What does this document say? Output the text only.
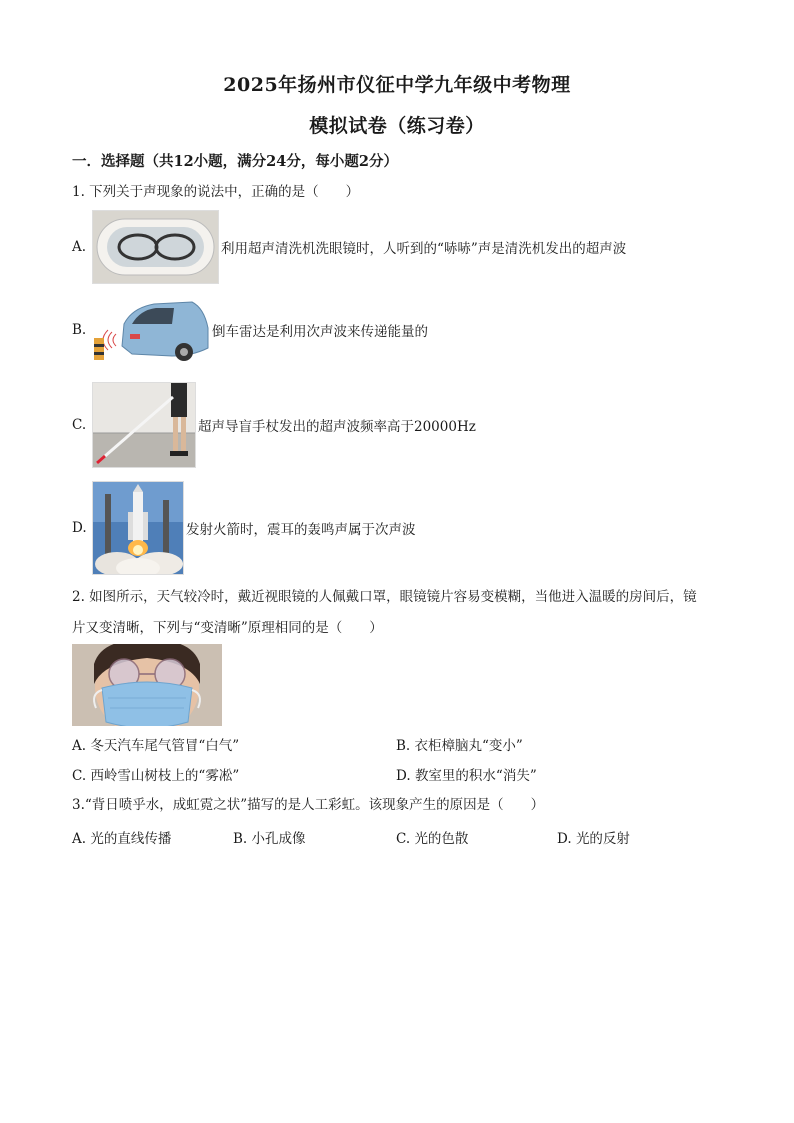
2025年扬州市仪征中学九年级中考物理
模拟试卷（练习卷）
一．选择题（共12小题，满分24分，每小题2分）
1. 下列关于声现象的说法中，正确的是（　　）
A.	利用超声清洗机洗眼镜时，人听到的“哧哧”声是清洗机发出的超声波
B.	倒车雷达是利用次声波来传递能量的
C.	超声导盲手杖发出的超声波频率高于20000Hz
D.	发射火箭时，震耳的轰鸣声属于次声波
2. 如图所示，天气较冷时，戴近视眼镜的人佩戴口罩，眼镜镜片容易变模糊，当他进入温暖的房间后，镜
片又变清晰，下列与“变清晰”原理相同的是（　　）
A. 冬天汽车尾气管冒“白气”	B. 衣柜樟脑丸“变小”
C. 西岭雪山树枝上的“雾凇”	D. 教室里的积水“消失”
3.“背日喷乎水，成虹霓之状”描写的是人工彩虹。该现象产生的原因是（　　）
A. 光的直线传播	B. 小孔成像	C. 光的色散	D. 光的反射
